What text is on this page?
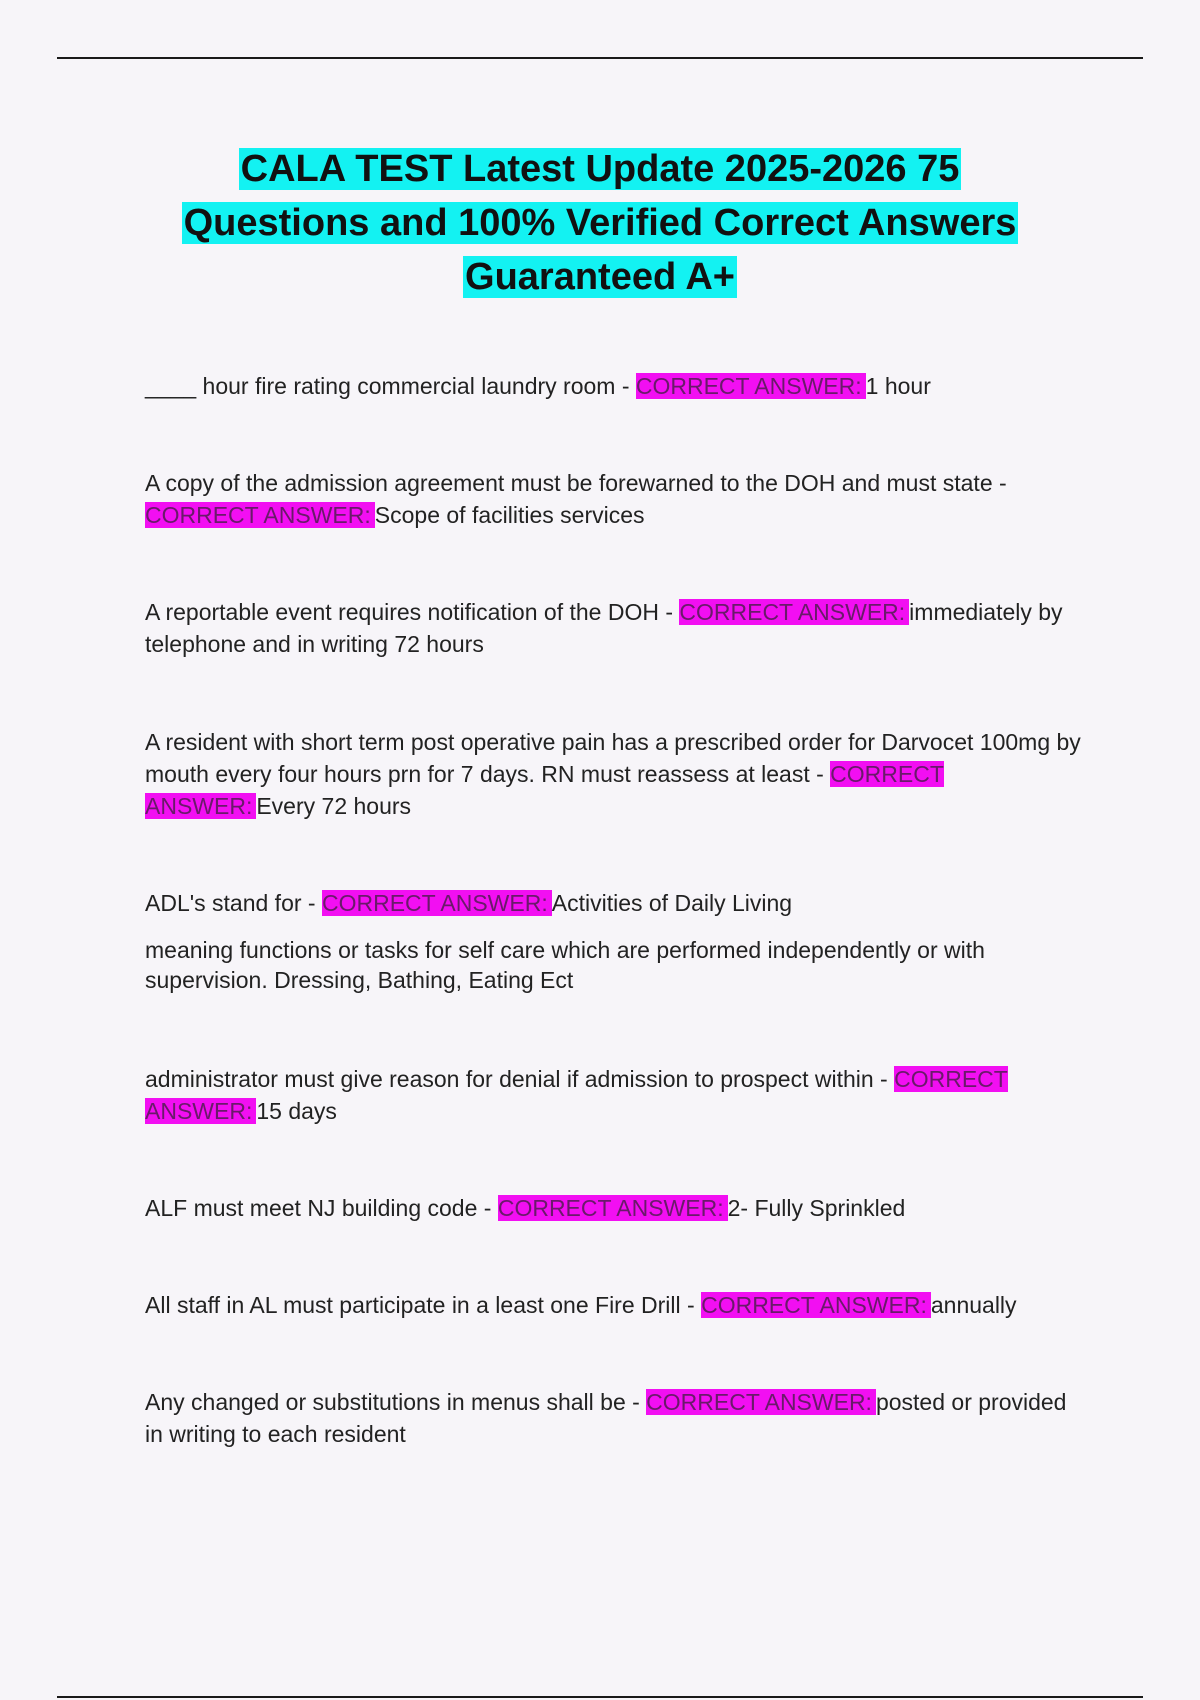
CALA TEST Latest Update 2025-2026 75
Questions and 100% Verified Correct Answers
Guaranteed A+

____ hour fire rating commercial laundry room - CORRECT ANSWER: 1 hour

A copy of the admission agreement must be forewarned to the DOH and must state - CORRECT ANSWER: Scope of facilities services

A reportable event requires notification of the DOH - CORRECT ANSWER: immediately by telephone and in writing 72 hours

A resident with short term post operative pain has a prescribed order for Darvocet 100mg by mouth every four hours prn for 7 days. RN must reassess at least - CORRECT ANSWER: Every 72 hours

ADL's stand for - CORRECT ANSWER: Activities of Daily Living

meaning functions or tasks for self care which are performed independently or with supervision. Dressing, Bathing, Eating Ect

administrator must give reason for denial if admission to prospect within - CORRECT ANSWER: 15 days

ALF must meet NJ building code - CORRECT ANSWER: 2- Fully Sprinkled

All staff in AL must participate in a least one Fire Drill - CORRECT ANSWER: annually

Any changed or substitutions in menus shall be - CORRECT ANSWER: posted or provided in writing to each resident
